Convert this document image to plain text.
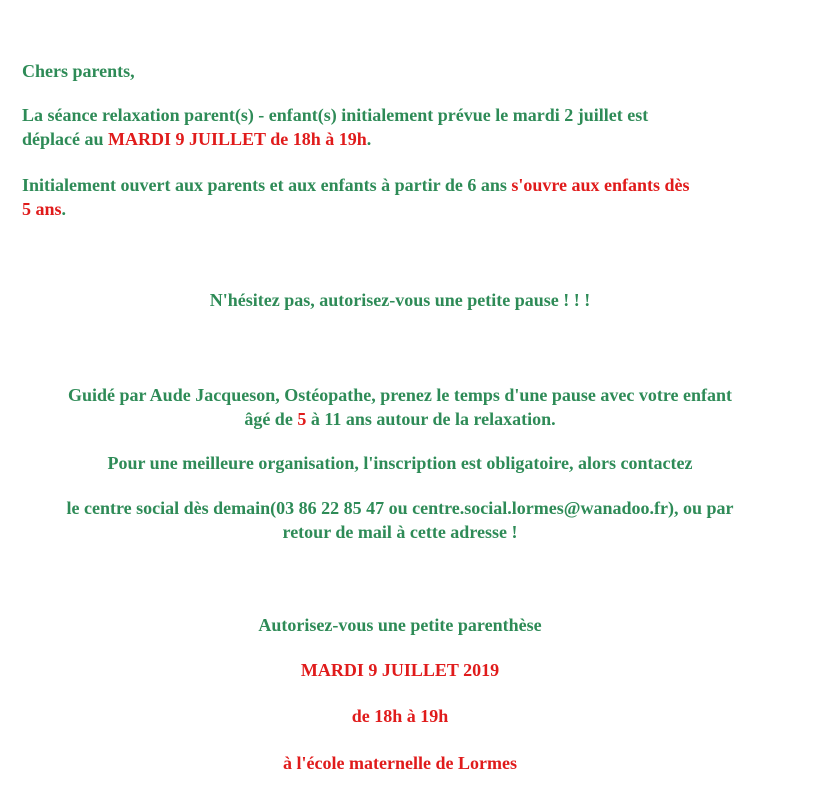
Chers parents,

La séance relaxation parent(s) - enfant(s) initialement prévue le mardi 2 juillet est
déplacé au MARDI 9 JUILLET de 18h à 19h.

Initialement ouvert aux parents et aux enfants à partir de 6 ans s'ouvre aux enfants dès
5 ans.

N'hésitez pas, autorisez-vous une petite pause ! ! !

Guidé par Aude Jacqueson, Ostéopathe, prenez le temps d'une pause avec votre enfant
âgé de 5 à 11 ans autour de la relaxation.

Pour une meilleure organisation, l'inscription est obligatoire, alors contactez

le centre social dès demain(03 86 22 85 47 ou centre.social.lormes@wanadoo.fr), ou par
retour de mail à cette adresse !

Autorisez-vous une petite parenthèse

MARDI 9 JUILLET 2019

de 18h à 19h

à l'école maternelle de Lormes
